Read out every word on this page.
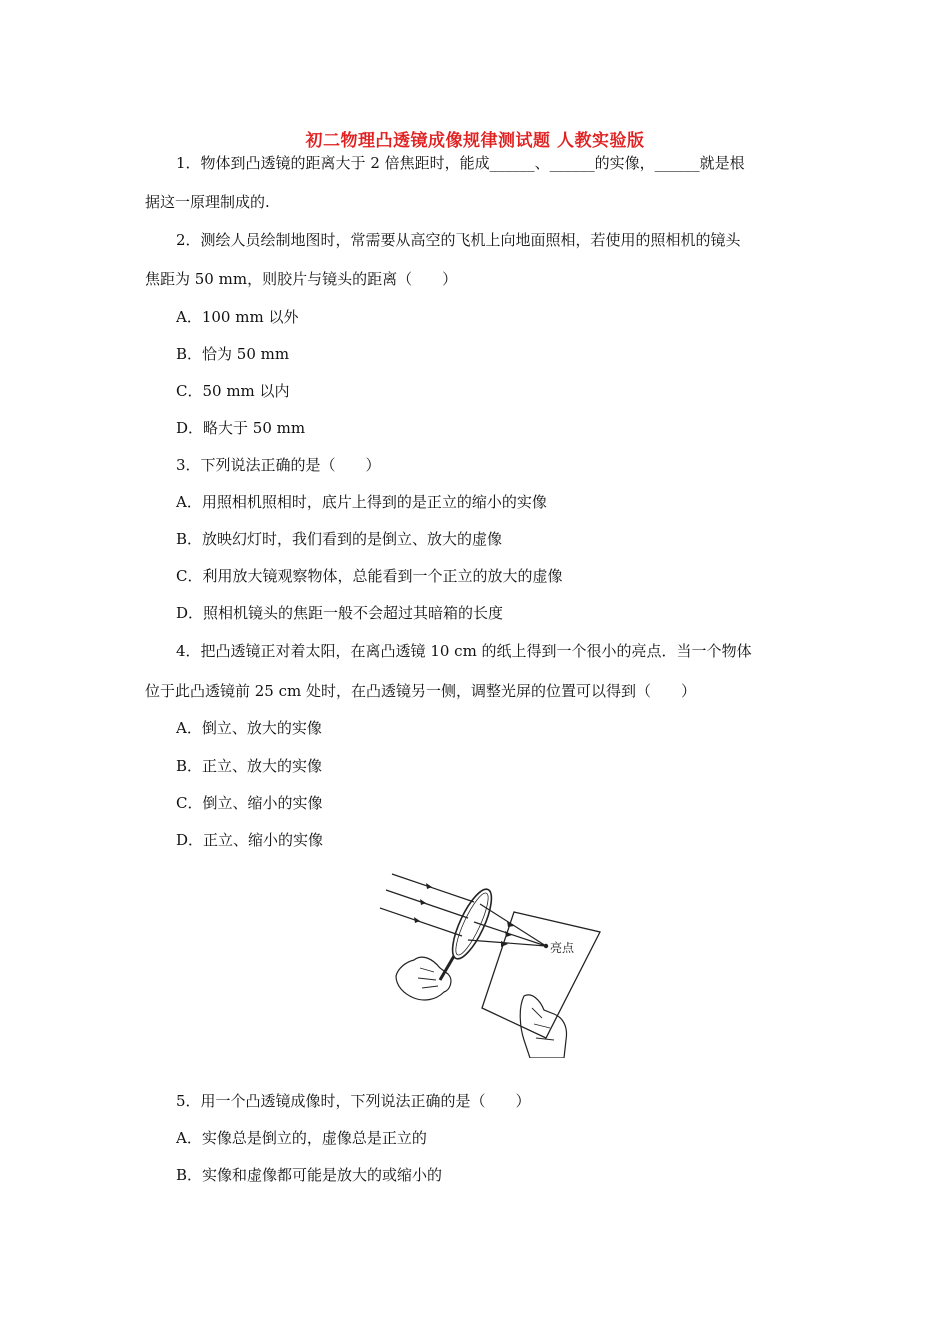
初二物理凸透镜成像规律测试题 人教实验版
1．物体到凸透镜的距离大于 2 倍焦距时，能成______、______的实像，______就是根
据这一原理制成的.
2．测绘人员绘制地图时，常需要从高空的飞机上向地面照相，若使用的照相机的镜头
焦距为 50 mm，则胶片与镜头的距离（　　）
A．100 mm 以外
B．恰为 50 mm
C．50 mm 以内
D．略大于 50 mm
3．下列说法正确的是（　　）
A．用照相机照相时，底片上得到的是正立的缩小的实像
B．放映幻灯时，我们看到的是倒立、放大的虚像
C．利用放大镜观察物体，总能看到一个正立的放大的虚像
D．照相机镜头的焦距一般不会超过其暗箱的长度
4．把凸透镜正对着太阳，在离凸透镜 10 cm 的纸上得到一个很小的亮点．当一个物体
位于此凸透镜前 25 cm 处时，在凸透镜另一侧，调整光屏的位置可以得到（　　）
A．倒立、放大的实像
B．正立、放大的实像
C．倒立、缩小的实像
D．正立、缩小的实像
亮点
5．用一个凸透镜成像时，下列说法正确的是（　　）
A．实像总是倒立的，虚像总是正立的
B．实像和虚像都可能是放大的或缩小的
